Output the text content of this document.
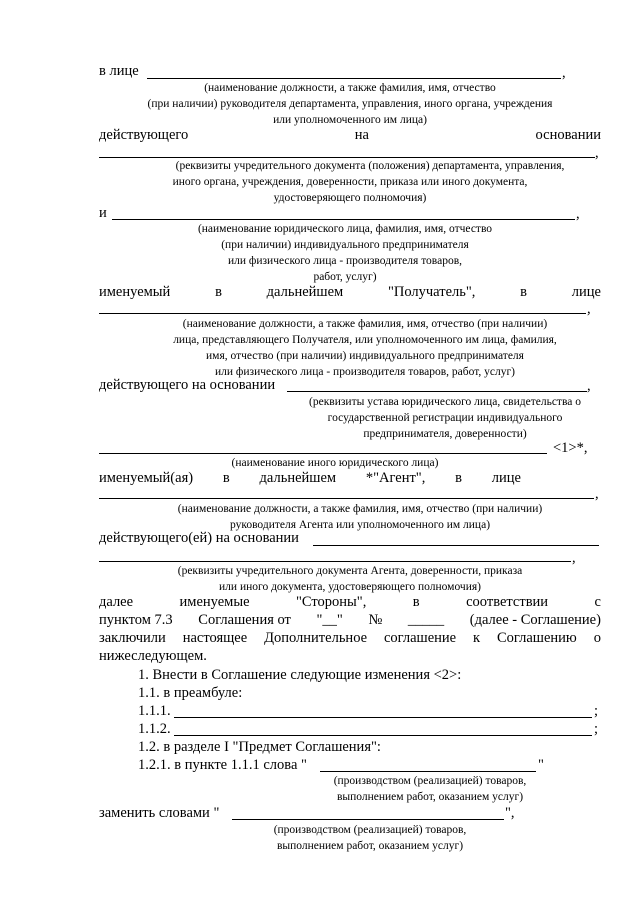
в лице	,
(наименование должности, а также фамилия, имя, отчество
(при наличии) руководителя департамента, управления, иного органа, учреждения
или уполномоченного им лица)
действующего	на	основании
,
(реквизиты учредительного документа (положения) департамента, управления,
иного органа, учреждения, доверенности, приказа или иного документа,
удостоверяющего полномочия)
и	,
(наименование юридического лица, фамилия, имя, отчество
(при наличии) индивидуального предпринимателя
или физического лица - производителя товаров,
работ, услуг)
именуемый	в	дальнейшем	"Получатель",	в	лице
,
(наименование должности, а также фамилия, имя, отчество (при наличии)
лица, представляющего Получателя, или уполномоченного им лица, фамилия,
имя, отчество (при наличии) индивидуального предпринимателя
или физического лица - производителя товаров, работ, услуг)
действующего на основании	,
(реквизиты устава юридического лица, свидетельства о
государственной регистрации индивидуального
предпринимателя, доверенности)
<1>*,
(наименование иного юридического лица)
именуемый(ая) в дальнейшем *"Агент", в лице
,
(наименование должности, а также фамилия, имя, отчество (при наличии)
руководителя Агента или уполномоченного им лица)
действующего(ей) на основании
,
(реквизиты учредительного документа Агента, доверенности, приказа
или иного документа, удостоверяющего полномочия)
далее	именуемые	"Стороны",	в	соответствии	с
пунктом 7.3 Соглашения от "__" № _____ (далее - Соглашение)
заключили настоящее Дополнительное соглашение к Соглашению о
нижеследующем.
1. Внести в Соглашение следующие изменения <2>:
1.1. в преамбуле:
1.1.1.	;
1.1.2.	;
1.2. в разделе I "Предмет Соглашения":
1.2.1. в пункте 1.1.1 слова "	"
(производством (реализацией) товаров,
выполнением работ, оказанием услуг)
заменить словами "	",
(производством (реализацией) товаров,
выполнением работ, оказанием услуг)
